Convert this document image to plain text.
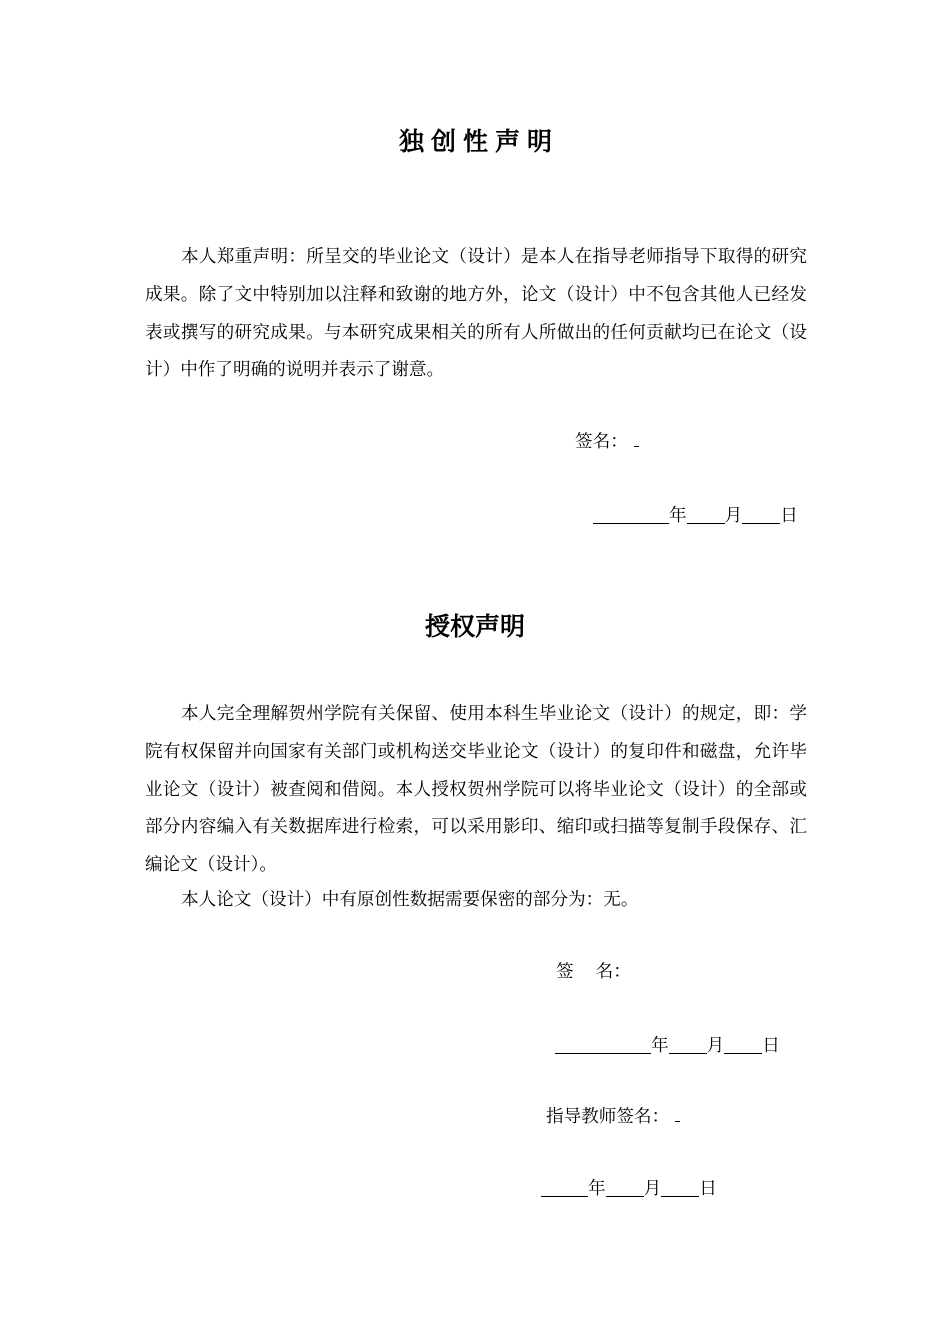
独创性声明

本人郑重声明：所呈交的毕业论文（设计）是本人在指导老师指导下取得的研究成果。除了文中特别加以注释和致谢的地方外，论文（设计）中不包含其他人已经发表或撰写的研究成果。与本研究成果相关的所有人所做出的任何贡献均已在论文（设计）中作了明确的说明并表示了谢意。

签名：
年 月 日
授权声明

本人完全理解贺州学院有关保留、使用本科生毕业论文（设计）的规定，即：学院有权保留并向国家有关部门或机构送交毕业论文（设计）的复印件和磁盘，允许毕业论文（设计）被查阅和借阅。本人授权贺州学院可以将毕业论文（设计）的全部或部分内容编入有关数据库进行检索，可以采用影印、缩印或扫描等复制手段保存、汇编论文（设计）。

本人论文（设计）中有原创性数据需要保密的部分为：无。

签 名：
年 月 日
指导教师签名：
年 月 日
